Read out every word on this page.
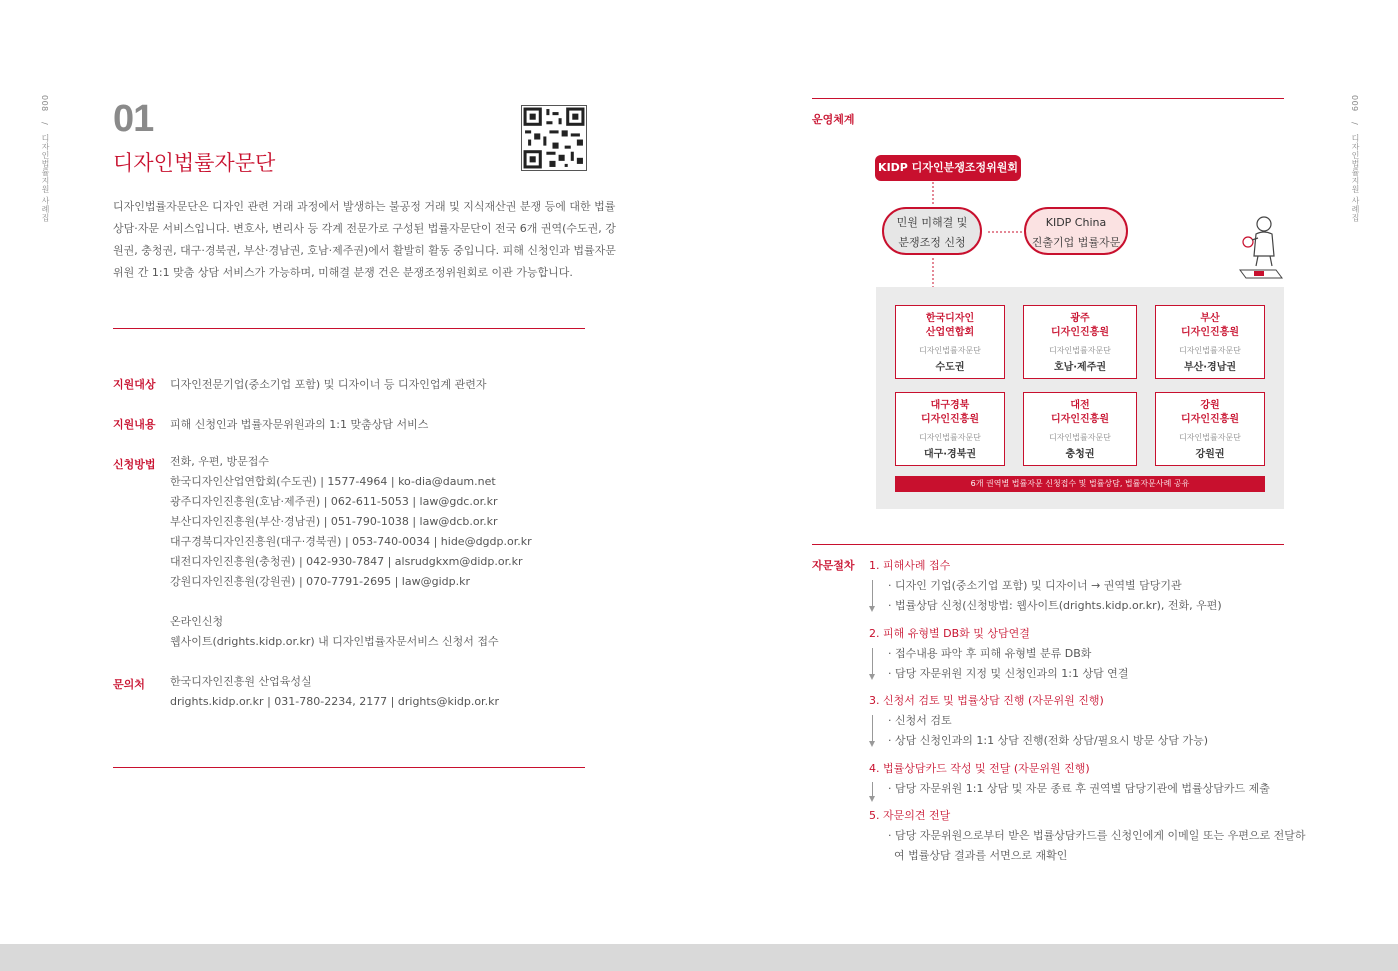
008
/
디자인법률지원 사례집
01
디자인법률자문단
디자인법률자문단은 디자인 관련 거래 과정에서 발생하는 불공정 거래 및 지식재산권 분쟁 등에 대한 법률
상담·자문 서비스입니다. 변호사, 변리사 등 각계 전문가로 구성된 법률자문단이 전국 6개 권역(수도권, 강
원권, 충청권, 대구·경북권, 부산·경남권, 호남·제주권)에서 활발히 활동 중입니다. 피해 신청인과 법률자문
위원 간 1:1 맞춤 상담 서비스가 가능하며, 미해결 분쟁 건은 분쟁조정위원회로 이관 가능합니다.
지원대상 디자인전문기업(중소기업 포함) 및 디자이너 등 디자인업계 관련자
지원내용 피해 신청인과 법률자문위원과의 1:1 맞춤상담 서비스
신청방법 전화, 우편, 방문접수
한국디자인산업연합회(수도권) | 1577-4964 | ko-dia@daum.net
광주디자인진흥원(호남·제주권) | 062-611-5053 | law@gdc.or.kr
부산디자인진흥원(부산·경남권) | 051-790-1038 | law@dcb.or.kr
대구경북디자인진흥원(대구·경북권) | 053-740-0034 | hide@dgdp.or.kr
대전디자인진흥원(충청권) | 042-930-7847 | alsrudgkxm@didp.or.kr
강원디자인진흥원(강원권) | 070-7791-2695 | law@gidp.kr
온라인신청
웹사이트(drights.kidp.or.kr) 내 디자인법률자문서비스 신청서 접수
문의처 한국디자인진흥원 산업육성실
drights.kidp.or.kr | 031-780-2234, 2177 | drights@kidp.or.kr
009
/
디자인법률지원 사례집
운영체계
KIDP 디자인분쟁조정위원회
민원 미해결 및
분쟁조정 신청
KIDP China
진출기업 법률자문
한국디자인
산업연합회
디자인법률자문단
수도권
광주
디자인진흥원
디자인법률자문단
호남·제주권
부산
디자인진흥원
디자인법률자문단
부산·경남권
대구경북
디자인진흥원
디자인법률자문단
대구·경북권
대전
디자인진흥원
디자인법률자문단
충청권
강원
디자인진흥원
디자인법률자문단
강원권
6개 권역별 법률자문 신청접수 및 법률상담, 법률자문사례 공유
자문절차 1. 피해사례 접수
· 디자인 기업(중소기업 포함) 및 디자이너 → 권역별 담당기관
· 법률상담 신청(신청방법: 웹사이트(drights.kidp.or.kr), 전화, 우편)
2. 피해 유형별 DB화 및 상담연결
· 접수내용 파악 후 피해 유형별 분류 DB화
· 담당 자문위원 지정 및 신청인과의 1:1 상담 연결
3. 신청서 검토 및 법률상담 진행 (자문위원 진행)
· 신청서 검토
· 상담 신청인과의 1:1 상담 진행(전화 상담/필요시 방문 상담 가능)
4. 법률상담카드 작성 및 전달 (자문위원 진행)
· 담당 자문위원 1:1 상담 및 자문 종료 후 권역별 담당기관에 법률상담카드 제출
5. 자문의견 전달
· 담당 자문위원으로부터 받은 법률상담카드를 신청인에게 이메일 또는 우편으로 전달하
여 법률상담 결과를 서면으로 재확인
